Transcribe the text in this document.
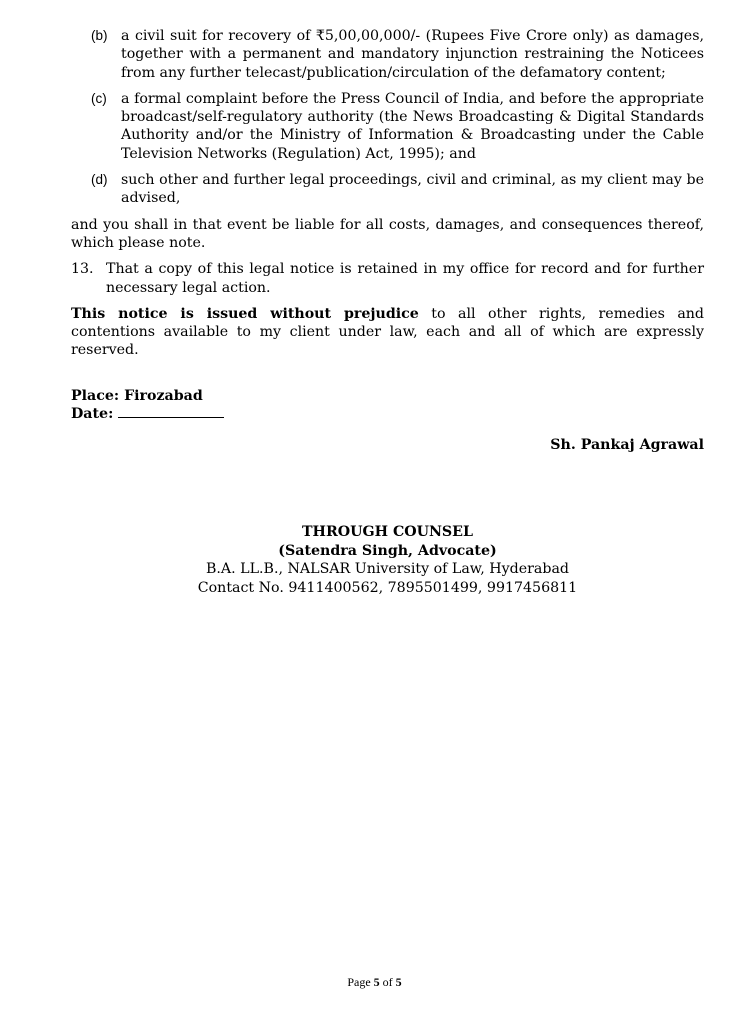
(b) a civil suit for recovery of ₹5,00,00,000/- (Rupees Five Crore only) as damages, together with a permanent and mandatory injunction restraining the Noticees from any further telecast/publication/circulation of the defamatory content;
(c)	a formal complaint before the Press Council of India, and before the appropriate broadcast/self-regulatory authority (the News Broadcasting & Digital Standards Authority and/or the Ministry of Information & Broadcasting under the Cable Television Networks (Regulation) Act, 1995); and
(d) such other and further legal proceedings, civil and criminal, as my client may be advised,
and you shall in that event be liable for all costs, damages, and consequences thereof, which please note.
13. That a copy of this legal notice is retained in my office for record and for further necessary legal action.
This notice is issued without prejudice to all other rights, remedies and contentions available to my client under law, each and all of which are expressly reserved.
Place: Firozabad
Date:
Sh. Pankaj Agrawal
THROUGH COUNSEL
(Satendra Singh, Advocate)
B.A. LL.B., NALSAR University of Law, Hyderabad
Contact No. 9411400562, 7895501499, 9917456811
Page 5 of 5
